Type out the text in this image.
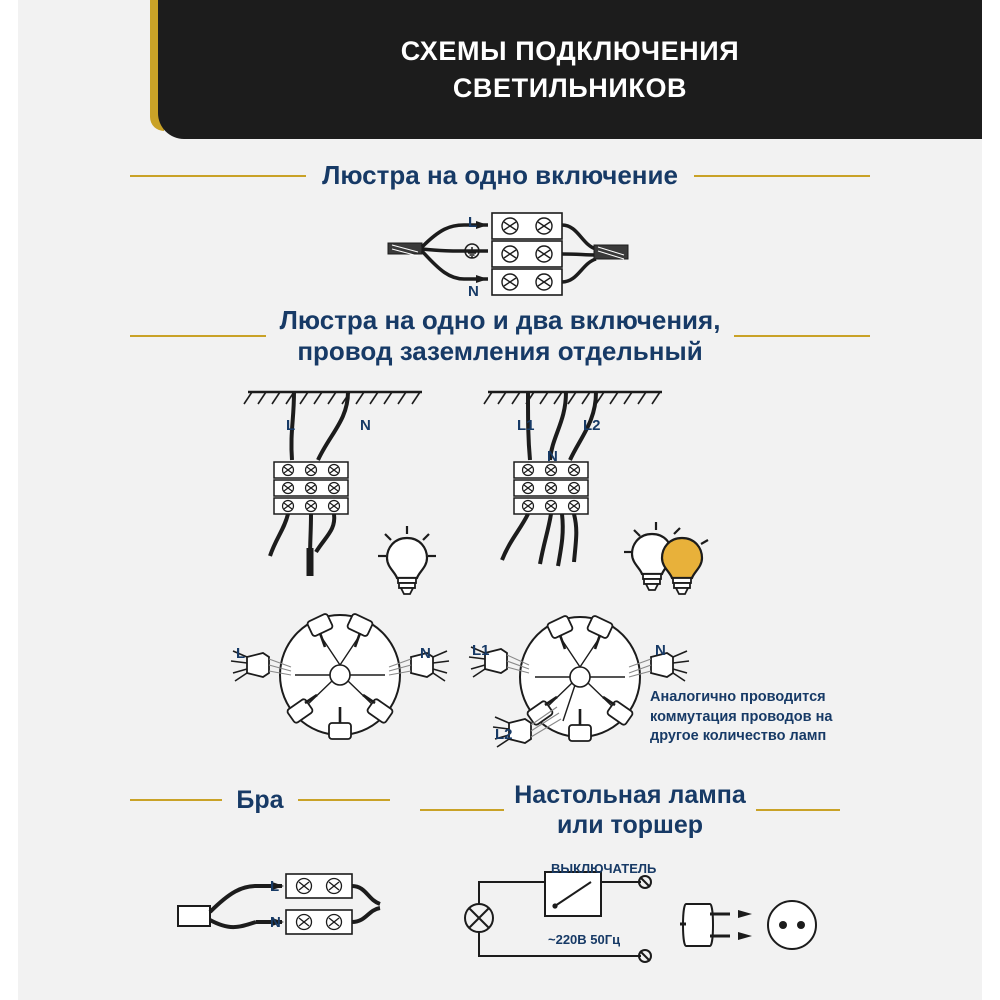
СХЕМЫ ПОДКЛЮЧЕНИЯ
СВЕТИЛЬНИКОВ
Люстра на одно включение
L
N
Люстра на одно и два включения,
провод заземления отдельный
L	N	L1	L2
N
L	N	L1
L2
N
Аналогично проводится коммутация проводов на другое количество ламп
Бра	Настольная лампа
или торшер
L
N
ВЫКЛЮЧАТЕЛЬ
~220В 50Гц
